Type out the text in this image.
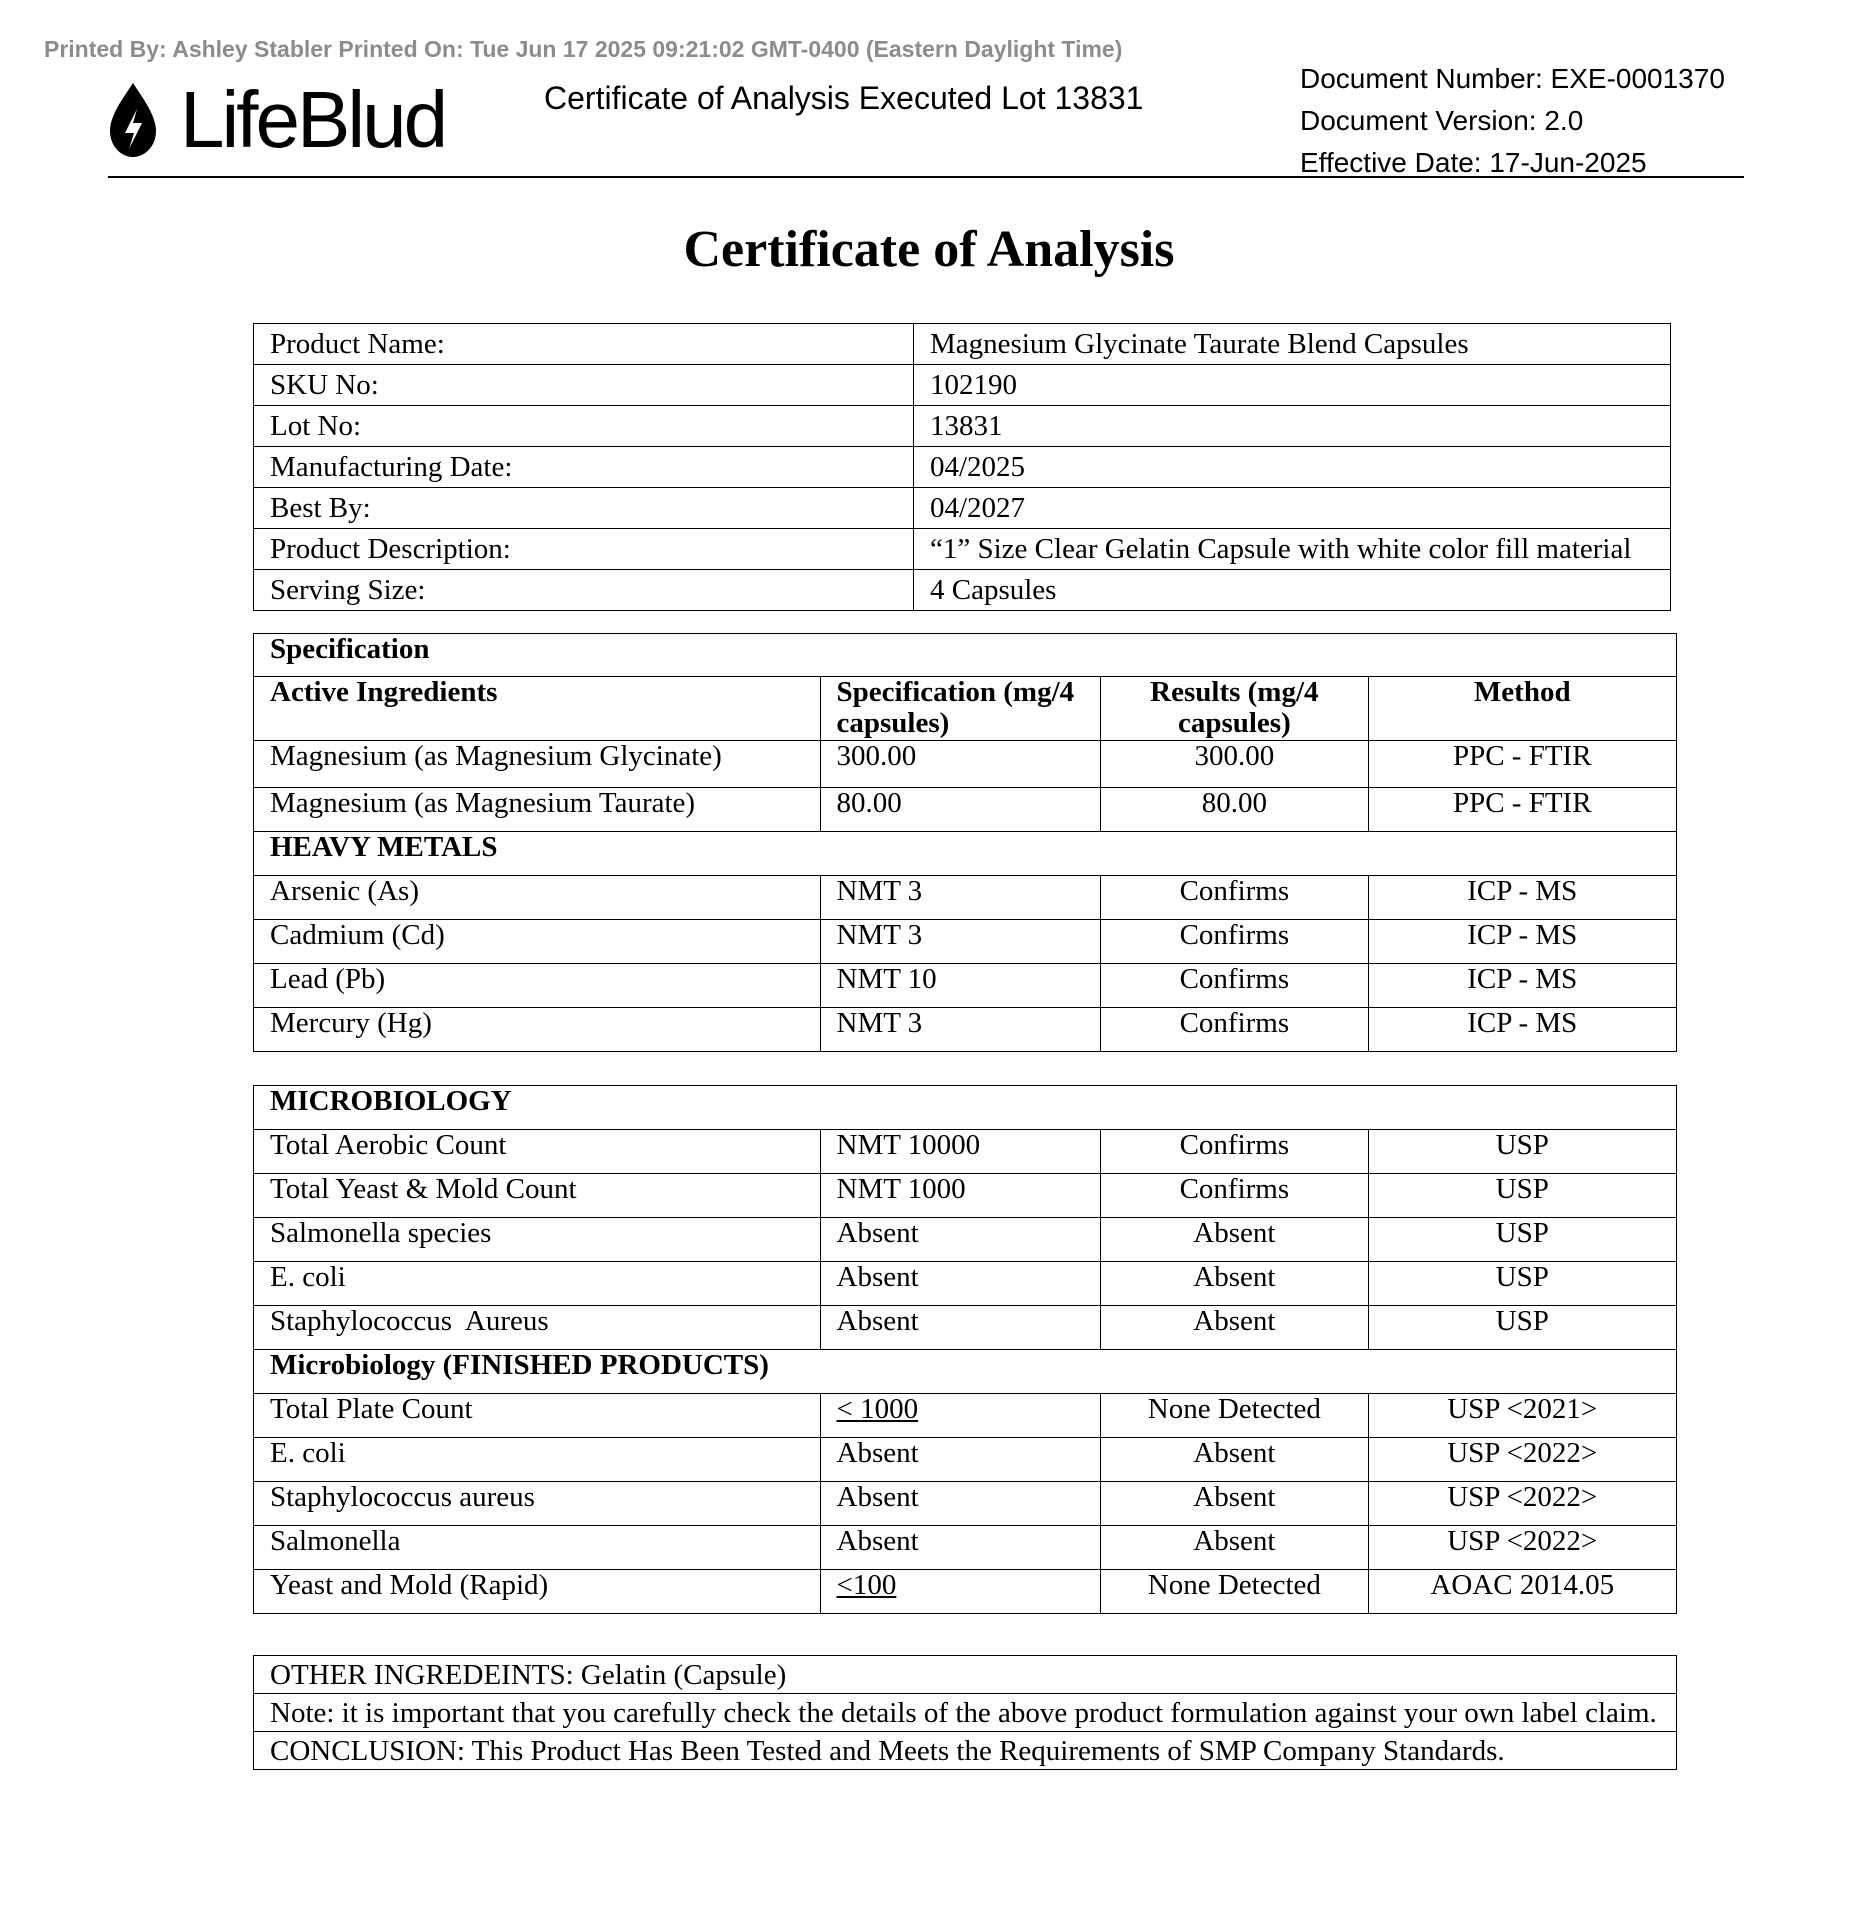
Printed By: Ashley Stabler Printed On: Tue Jun 17 2025 09:21:02 GMT-0400 (Eastern Daylight Time)
LifeBlud	Certificate of Analysis Executed Lot 13831
Document Number: EXE-0001370
Document Version: 2.0
Effective Date: 17-Jun-2025
Certificate of Analysis
Product Name:	Magnesium Glycinate Taurate Blend Capsules
SKU No:	102190
Lot No:	13831
Manufacturing Date:	04/2025
Best By:	04/2027
Product Description:	“1” Size Clear Gelatin Capsule with white color fill material
Serving Size:	4 Capsules
Specification			
Active Ingredients	Specification (mg/4 capsules)	Results (mg/4 capsules)	Method
Magnesium (as Magnesium Glycinate)	300.00	300.00	PPC - FTIR
Magnesium (as Magnesium Taurate)	80.00	80.00	PPC - FTIR
HEAVY METALS			
Arsenic (As)	NMT 3	Confirms	ICP - MS
Cadmium (Cd)	NMT 3	Confirms	ICP - MS
Lead (Pb)	NMT 10	Confirms	ICP - MS
Mercury (Hg)	NMT 3	Confirms	ICP - MS
MICROBIOLOGY			
Total Aerobic Count	NMT 10000	Confirms	USP
Total Yeast & Mold Count	NMT 1000	Confirms	USP
Salmonella species	Absent	Absent	USP
E. coli	Absent	Absent	USP
Staphylococcus  Aureus	Absent	Absent	USP
Microbiology (FINISHED PRODUCTS)			
Total Plate Count	< 1000	None Detected	USP <2021>
E. coli	Absent	Absent	USP <2022>
Staphylococcus aureus	Absent	Absent	USP <2022>
Salmonella	Absent	Absent	USP <2022>
Yeast and Mold (Rapid)	<100	None Detected	AOAC 2014.05
OTHER INGREDEINTS: Gelatin (Capsule)
Note: it is important that you carefully check the details of the above product formulation against your own label claim.
CONCLUSION: This Product Has Been Tested and Meets the Requirements of SMP Company Standards.
